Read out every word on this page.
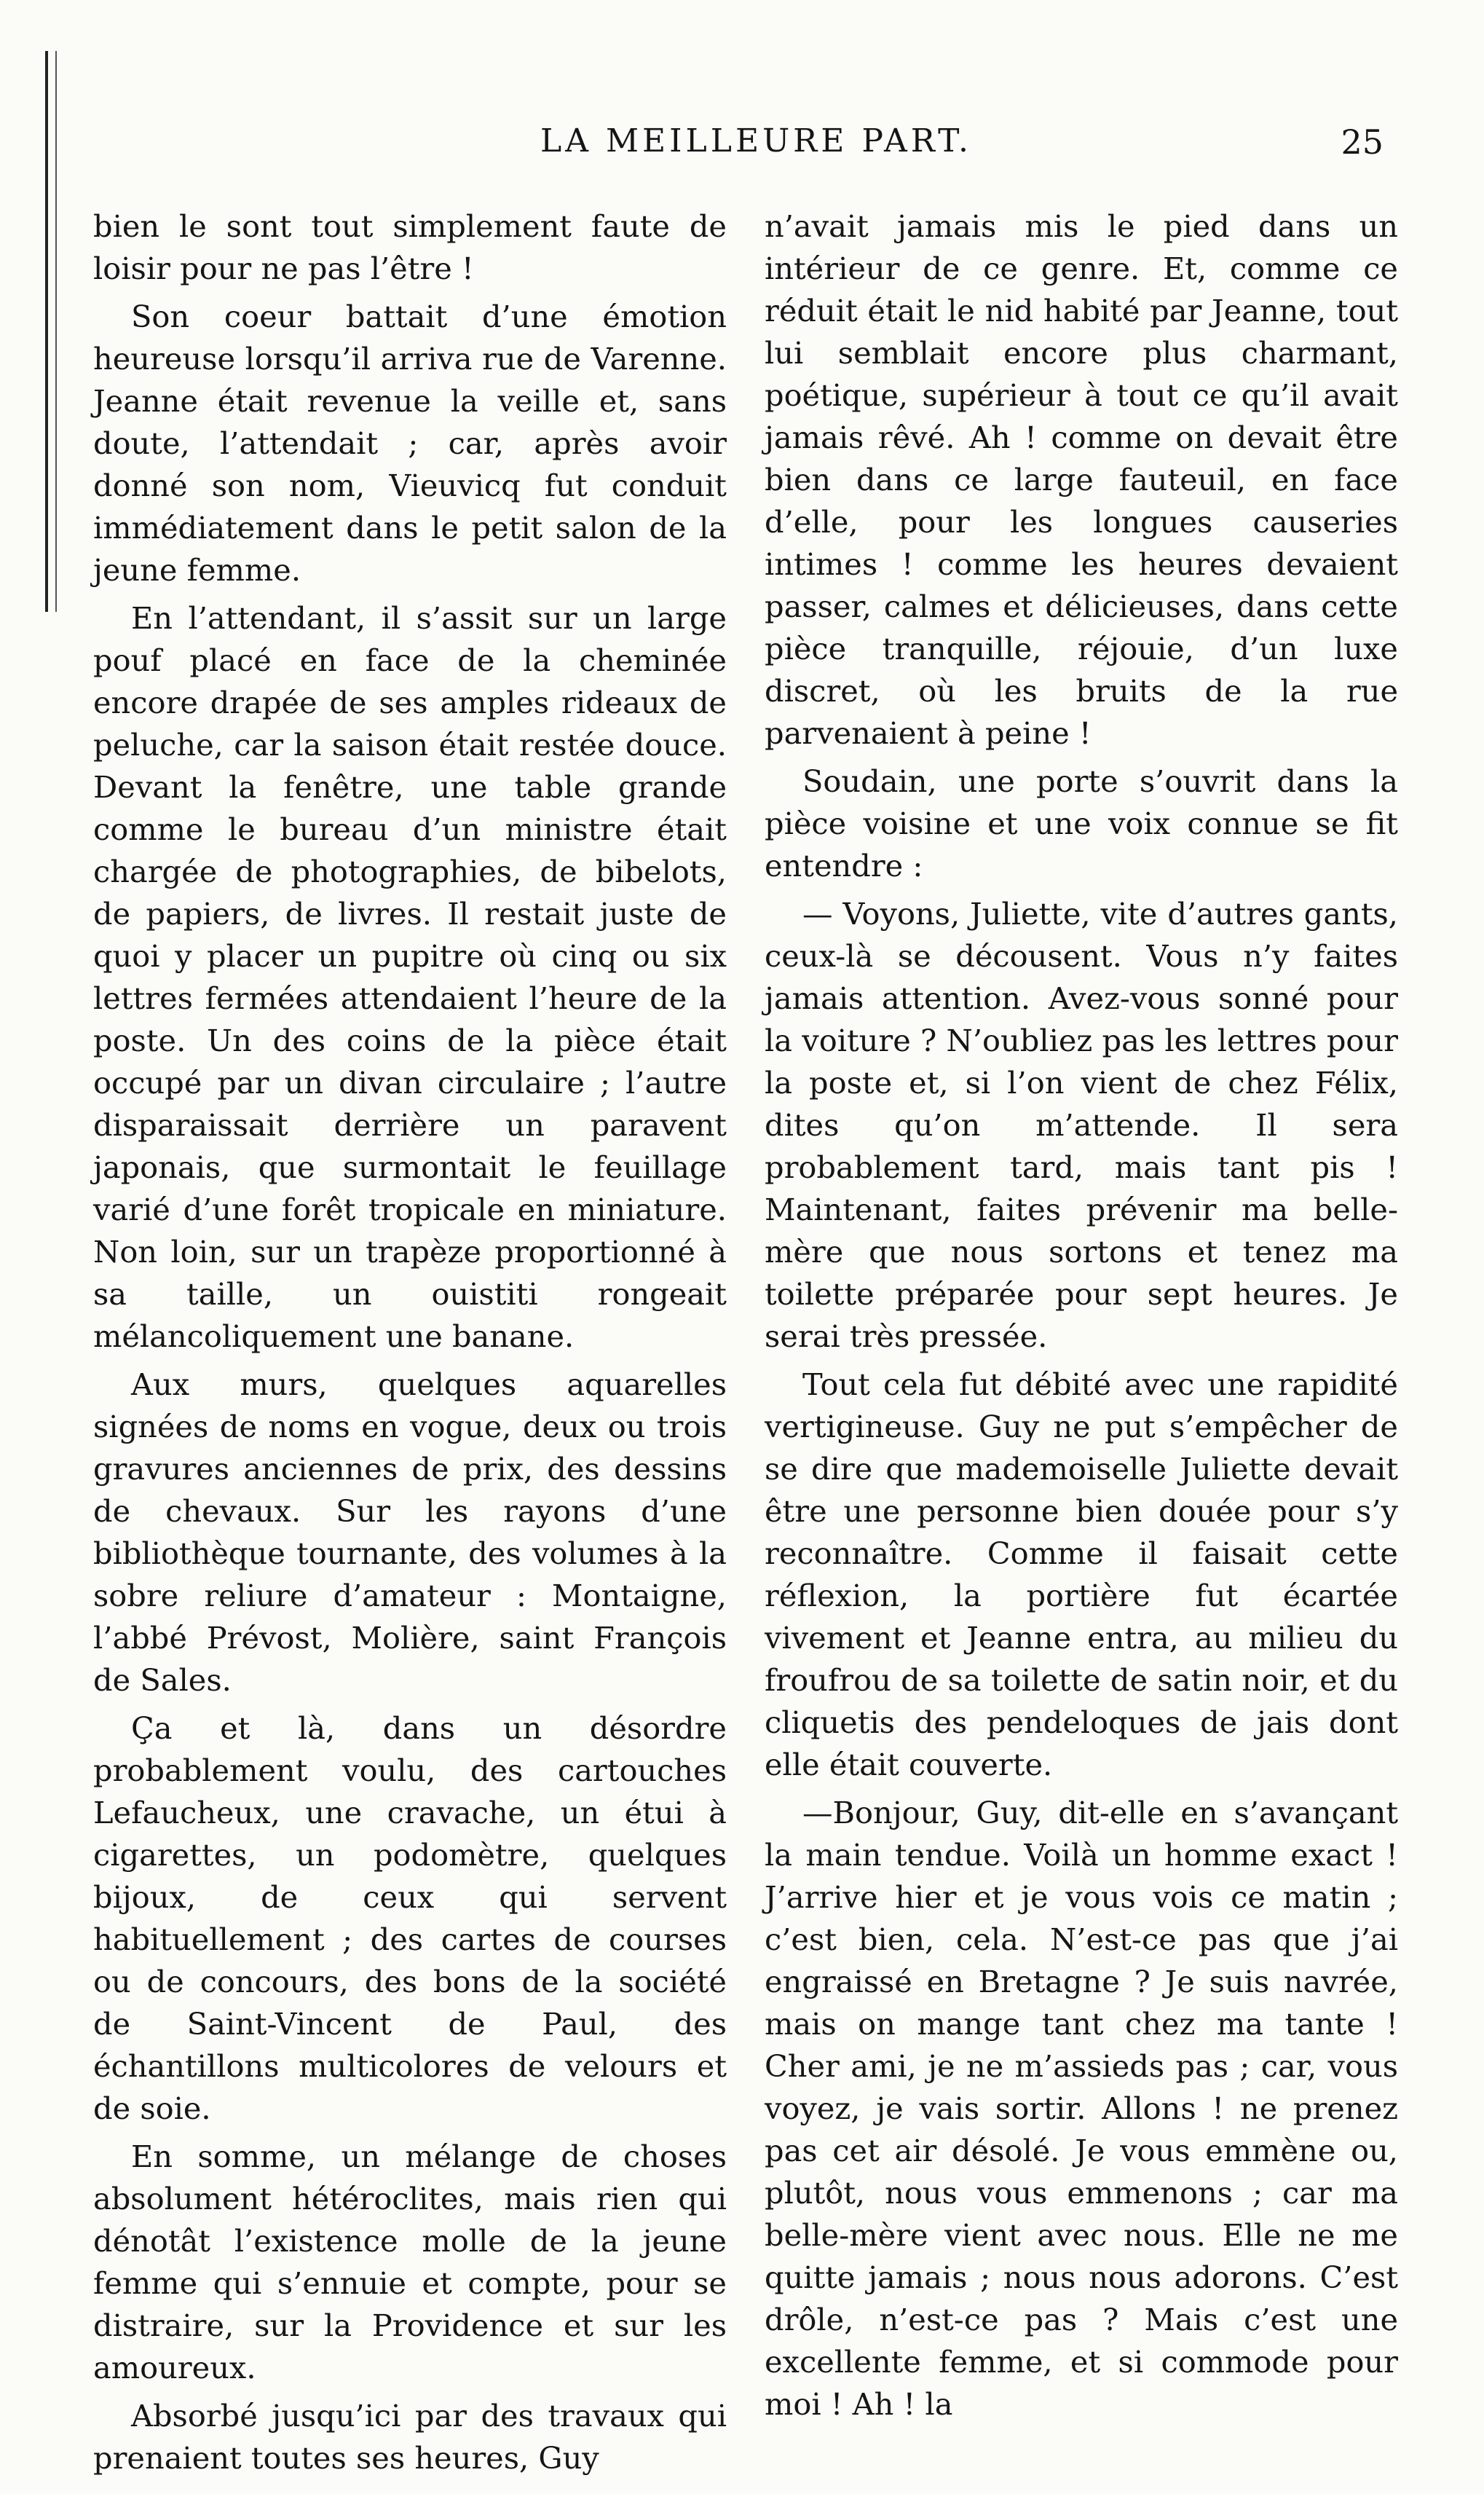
LA MEILLEURE PART.	25

bien le sont tout simplement faute de loisir pour ne pas l’être !

Son coeur battait d’une émotion heureuse lorsqu’il arriva rue de Varenne. Jeanne était revenue la veille et, sans doute, l’attendait ; car, après avoir donné son nom, Vieuvicq fut conduit immédiatement dans le petit salon de la jeune femme.

En l’attendant, il s’assit sur un large pouf placé en face de la cheminée encore drapée de ses amples rideaux de peluche, car la saison était restée douce. Devant la fenêtre, une table grande comme le bureau d’un ministre était chargée de photographies, de bibelots, de papiers, de livres. Il restait juste de quoi y placer un pupitre où cinq ou six lettres fermées attendaient l’heure de la poste. Un des coins de la pièce était occupé par un divan circulaire ; l’autre disparaissait derrière un paravent japonais, que surmontait le feuillage varié d’une forêt tropicale en miniature. Non loin, sur un trapèze proportionné à sa taille, un ouistiti rongeait mélancoliquement une banane.

Aux murs, quelques aquarelles signées de noms en vogue, deux ou trois gravures anciennes de prix, des dessins de chevaux. Sur les rayons d’une bibliothèque tournante, des volumes à la sobre reliure d’amateur : Montaigne, l’abbé Prévost, Molière, saint François de Sales.

Ça et là, dans un désordre probablement voulu, des cartouches Lefaucheux, une cravache, un étui à cigarettes, un podomètre, quelques bijoux, de ceux qui servent habituellement ; des cartes de courses ou de concours, des bons de la société de Saint-Vincent de Paul, des échantillons multicolores de velours et de soie.

En somme, un mélange de choses absolument hétéroclites, mais rien qui dénotât l’existence molle de la jeune femme qui s’ennuie et compte, pour se distraire, sur la Providence et sur les amoureux.

Absorbé jusqu’ici par des travaux qui prenaient toutes ses heures, Guy

n’avait jamais mis le pied dans un intérieur de ce genre. Et, comme ce réduit était le nid habité par Jeanne, tout lui semblait encore plus charmant, poétique, supérieur à tout ce qu’il avait jamais rêvé. Ah ! comme on devait être bien dans ce large fauteuil, en face d’elle, pour les longues causeries intimes ! comme les heures devaient passer, calmes et délicieuses, dans cette pièce tranquille, réjouie, d’un luxe discret, où les bruits de la rue parvenaient à peine !

Soudain, une porte s’ouvrit dans la pièce voisine et une voix connue se fit entendre :

— Voyons, Juliette, vite d’autres gants, ceux-là se décousent. Vous n’y faites jamais attention. Avez-vous sonné pour la voiture ? N’oubliez pas les lettres pour la poste et, si l’on vient de chez Félix, dites qu’on m’attende. Il sera probablement tard, mais tant pis ! Maintenant, faites prévenir ma belle-mère que nous sortons et tenez ma toilette préparée pour sept heures. Je serai très pressée.

Tout cela fut débité avec une rapidité vertigineuse. Guy ne put s’empêcher de se dire que mademoiselle Juliette devait être une personne bien douée pour s’y reconnaître. Comme il faisait cette réflexion, la portière fut écartée vivement et Jeanne entra, au milieu du froufrou de sa toilette de satin noir, et du cliquetis des pendeloques de jais dont elle était couverte.

—Bonjour, Guy, dit-elle en s’avançant la main tendue. Voilà un homme exact ! J’arrive hier et je vous vois ce matin ; c’est bien, cela. N’est-ce pas que j’ai engraissé en Bretagne ? Je suis navrée, mais on mange tant chez ma tante ! Cher ami, je ne m’assieds pas ; car, vous voyez, je vais sortir. Allons ! ne prenez pas cet air désolé. Je vous emmène ou, plutôt, nous vous emmenons ; car ma belle-mère vient avec nous. Elle ne me quitte jamais ; nous nous adorons. C’est drôle, n’est-ce pas ? Mais c’est une excellente femme, et si commode pour moi ! Ah ! la
